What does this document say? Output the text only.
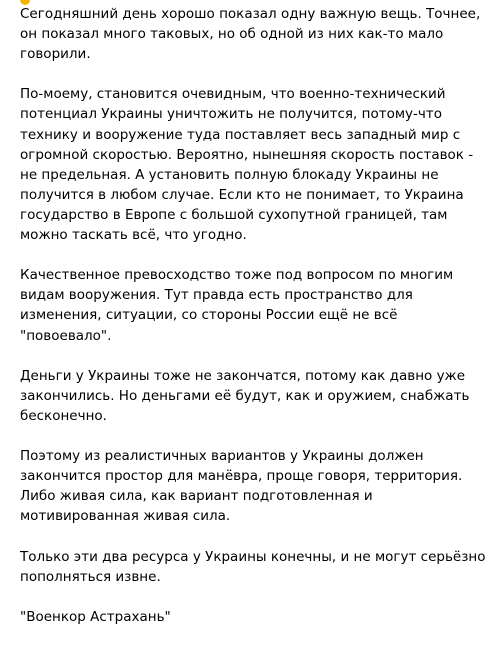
Сегодняшний день хорошо показал одну важную вещь. Точнее,
он показал много таковых, но об одной из них как-то мало
говорили.

По-моему, становится очевидным, что военно-технический
потенциал Украины уничтожить не получится, потому-что
технику и вооружение туда поставляет весь западный мир с
огромной скоростью. Вероятно, нынешняя скорость поставок -
не предельная. А установить полную блокаду Украины не
получится в любом случае. Если кто не понимает, то Украина
государство в Европе с большой сухопутной границей, там
можно таскать всё, что угодно.

Качественное превосходство тоже под вопросом по многим
видам вооружения. Тут правда есть пространство для
изменения, ситуации, со стороны России ещё не всё
"повоевало".

Деньги у Украины тоже не закончатся, потому как давно уже
закончились. Но деньгами её будут, как и оружием, снабжать
бесконечно.

Поэтому из реалистичных вариантов у Украины должен
закончится простор для манёвра, проще говоря, территория.
Либо живая сила, как вариант подготовленная и
мотивированная живая сила.

Только эти два ресурса у Украины конечны, и не могут серьёзно
пополняться извне.

"Военкор Астрахань"
